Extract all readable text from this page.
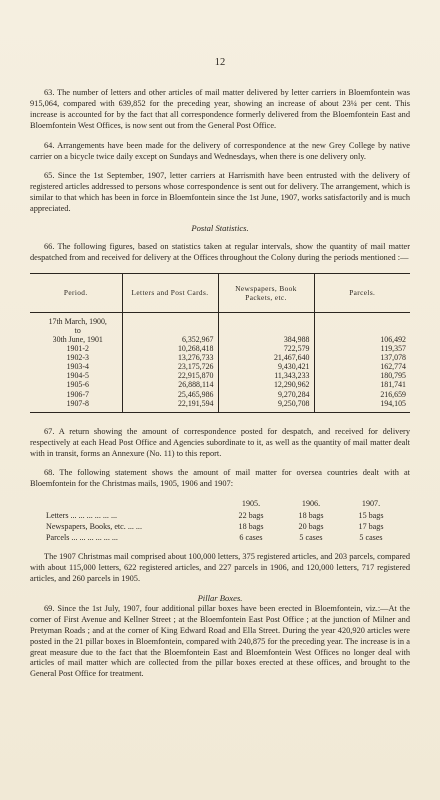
12

63. The number of letters and other articles of mail matter delivered by letter carriers in Bloemfontein was 915,064, compared with 639,852 for the preceding year, showing an increase of about 23¼ per cent. This increase is accounted for by the fact that all correspondence formerly delivered from the Bloemfontein East and Bloemfontein West Offices, is now sent out from the General Post Office.

64. Arrangements have been made for the delivery of correspondence at the new Grey College by native carrier on a bicycle twice daily except on Sundays and Wednesdays, when there is one delivery only.

65. Since the 1st September, 1907, letter carriers at Harrismith have been entrusted with the delivery of registered articles addressed to persons whose correspondence is sent out for delivery. The arrangement, which is similar to that which has been in force in Bloemfontein since the 1st June, 1907, works satisfactorily and is much appreciated.

Postal Statistics.

66. The following figures, based on statistics taken at regular intervals, show the quantity of mail matter despatched from and received for delivery at the Offices throughout the Colony during the periods mentioned :—

Period.	Letters and Post Cards.	Newspapers, Book Packets, etc.	Parcels.
17th March, 1900,			
to			
30th June, 1901	6,352,967	384,988	106,492
1901-2	10,268,418	722,579	119,357
1902-3	13,276,733	21,467,640	137,078
1903-4	23,175,726	9,430,421	162,774
1904-5	22,915,870	11,343,233	180,795
1905-6	26,888,114	12,290,962	181,741
1906-7	25,465,986	9,270,284	216,659
1907-8	22,191,594	9,250,708	194,105

67. A return showing the amount of correspondence posted for despatch, and received for delivery respectively at each Head Post Office and Agencies subordinate to it, as well as the quantity of mail matter dealt with in transit, forms an Annexure (No. 11) to this report.

68. The following statement shows the amount of mail matter for oversea countries dealt with at Bloemfontein for the Christmas mails, 1905, 1906 and 1907:

	1905.	1906.	1907.
Letters ... ... ... ... ... ...	22 bags	18 bags	15 bags
Newspapers, Books, etc. ... ...	18 bags	20 bags	17 bags
Parcels ... ... ... ... ... ...	6 cases	5 cases	5 cases

The 1907 Christmas mail comprised about 100,000 letters, 375 registered articles, and 203 parcels, compared with about 115,000 letters, 622 registered articles, and 227 parcels in 1906, and 120,000 letters, 717 registered articles, and 260 parcels in 1905.

Pillar Boxes.

69. Since the 1st July, 1907, four additional pillar boxes have been erected in Bloemfontein, viz.:—At the corner of First Avenue and Kellner Street ; at the Bloemfontein East Post Office ; at the junction of Milner and Pretyman Roads ; and at the corner of King Edward Road and Ella Street. During the year 420,920 articles were posted in the 21 pillar boxes in Bloemfontein, compared with 240,875 for the preceding year. The increase is in a great measure due to the fact that the Bloemfontein East and Bloemfontein West Offices no longer deal with articles of mail matter which are collected from the pillar boxes erected at these offices, and brought to the General Post Office for treatment.
